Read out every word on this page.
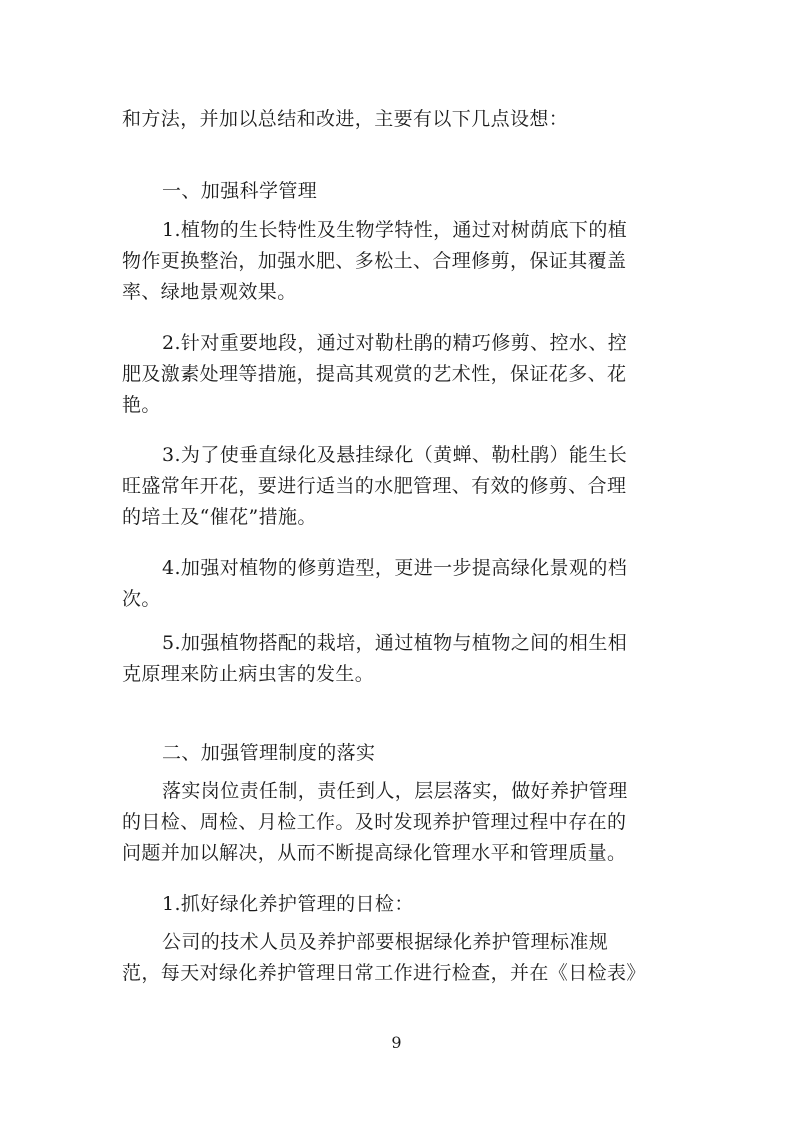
和方法，并加以总结和改进，主要有以下几点设想：
一、加强科学管理
1.植物的生长特性及生物学特性，通过对树荫底下的植
物作更换整治，加强水肥、多松土、合理修剪，保证其覆盖
率、绿地景观效果。
2.针对重要地段，通过对勒杜鹃的精巧修剪、控水、控
肥及激素处理等措施，提高其观赏的艺术性，保证花多、花
艳。
3.为了使垂直绿化及悬挂绿化（黄蝉、勒杜鹃）能生长
旺盛常年开花，要进行适当的水肥管理、有效的修剪、合理
的培土及“催花”措施。
4.加强对植物的修剪造型，更进一步提高绿化景观的档
次。
5.加强植物搭配的栽培，通过植物与植物之间的相生相
克原理来防止病虫害的发生。
二、加强管理制度的落实
落实岗位责任制，责任到人，层层落实，做好养护管理
的日检、周检、月检工作。及时发现养护管理过程中存在的
问题并加以解决，从而不断提高绿化管理水平和管理质量。
1.抓好绿化养护管理的日检：
公司的技术人员及养护部要根据绿化养护管理标准规
范，每天对绿化养护管理日常工作进行检查，并在《日检表》
9
